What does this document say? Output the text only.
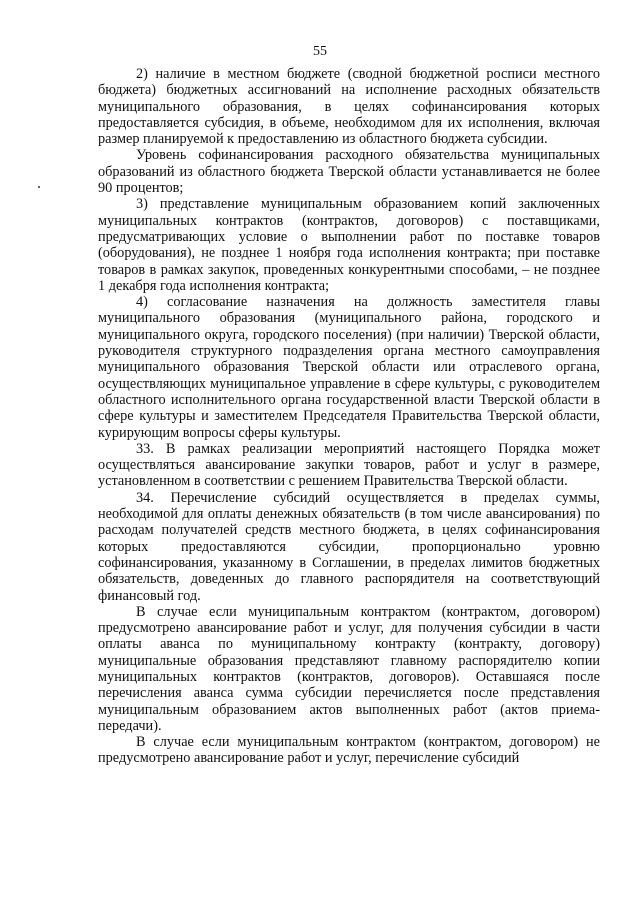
55

2) наличие в местном бюджете (сводной бюджетной росписи местного бюджета) бюджетных ассигнований на исполнение расходных обязательств муниципального образования, в целях софинансирования которых предоставляется субсидия, в объеме, необходимом для их исполнения, включая размер планируемой к предоставлению из областного бюджета субсидии.

Уровень софинансирования расходного обязательства муниципальных образований из областного бюджета Тверской области устанавливается не более 90 процентов;

3) представление муниципальным образованием копий заключенных муниципальных контрактов (контрактов, договоров) с поставщиками, предусматривающих условие о выполнении работ по поставке товаров (оборудования), не позднее 1 ноября года исполнения контракта; при поставке товаров в рамках закупок, проведенных конкурентными способами, – не позднее 1 декабря года исполнения контракта;

4) согласование назначения на должность заместителя главы муниципального образования (муниципального района, городского и муниципального округа, городского поселения) (при наличии) Тверской области, руководителя структурного подразделения органа местного самоуправления муниципального образования Тверской области или отраслевого органа, осуществляющих муниципальное управление в сфере культуры, с руководителем областного исполнительного органа государственной власти Тверской области в сфере культуры и заместителем Председателя Правительства Тверской области, курирующим вопросы сферы культуры.

33. В рамках реализации мероприятий настоящего Порядка может осуществляться авансирование закупки товаров, работ и услуг в размере, установленном в соответствии с решением Правительства Тверской области.

34. Перечисление субсидий осуществляется в пределах суммы, необходимой для оплаты денежных обязательств (в том числе авансирования) по расходам получателей средств местного бюджета, в целях софинансирования которых предоставляются субсидии, пропорционально уровню софинансирования, указанному в Соглашении, в пределах лимитов бюджетных обязательств, доведенных до главного распорядителя на соответствующий финансовый год.

В случае если муниципальным контрактом (контрактом, договором) предусмотрено авансирование работ и услуг, для получения субсидии в части оплаты аванса по муниципальному контракту (контракту, договору) муниципальные образования представляют главному распорядителю копии муниципальных контрактов (контрактов, договоров). Оставшаяся после перечисления аванса сумма субсидии перечисляется после представления муниципальным образованием актов выполненных работ (актов приема-передачи).

В случае если муниципальным контрактом (контрактом, договором) не предусмотрено авансирование работ и услуг, перечисление субсидий
